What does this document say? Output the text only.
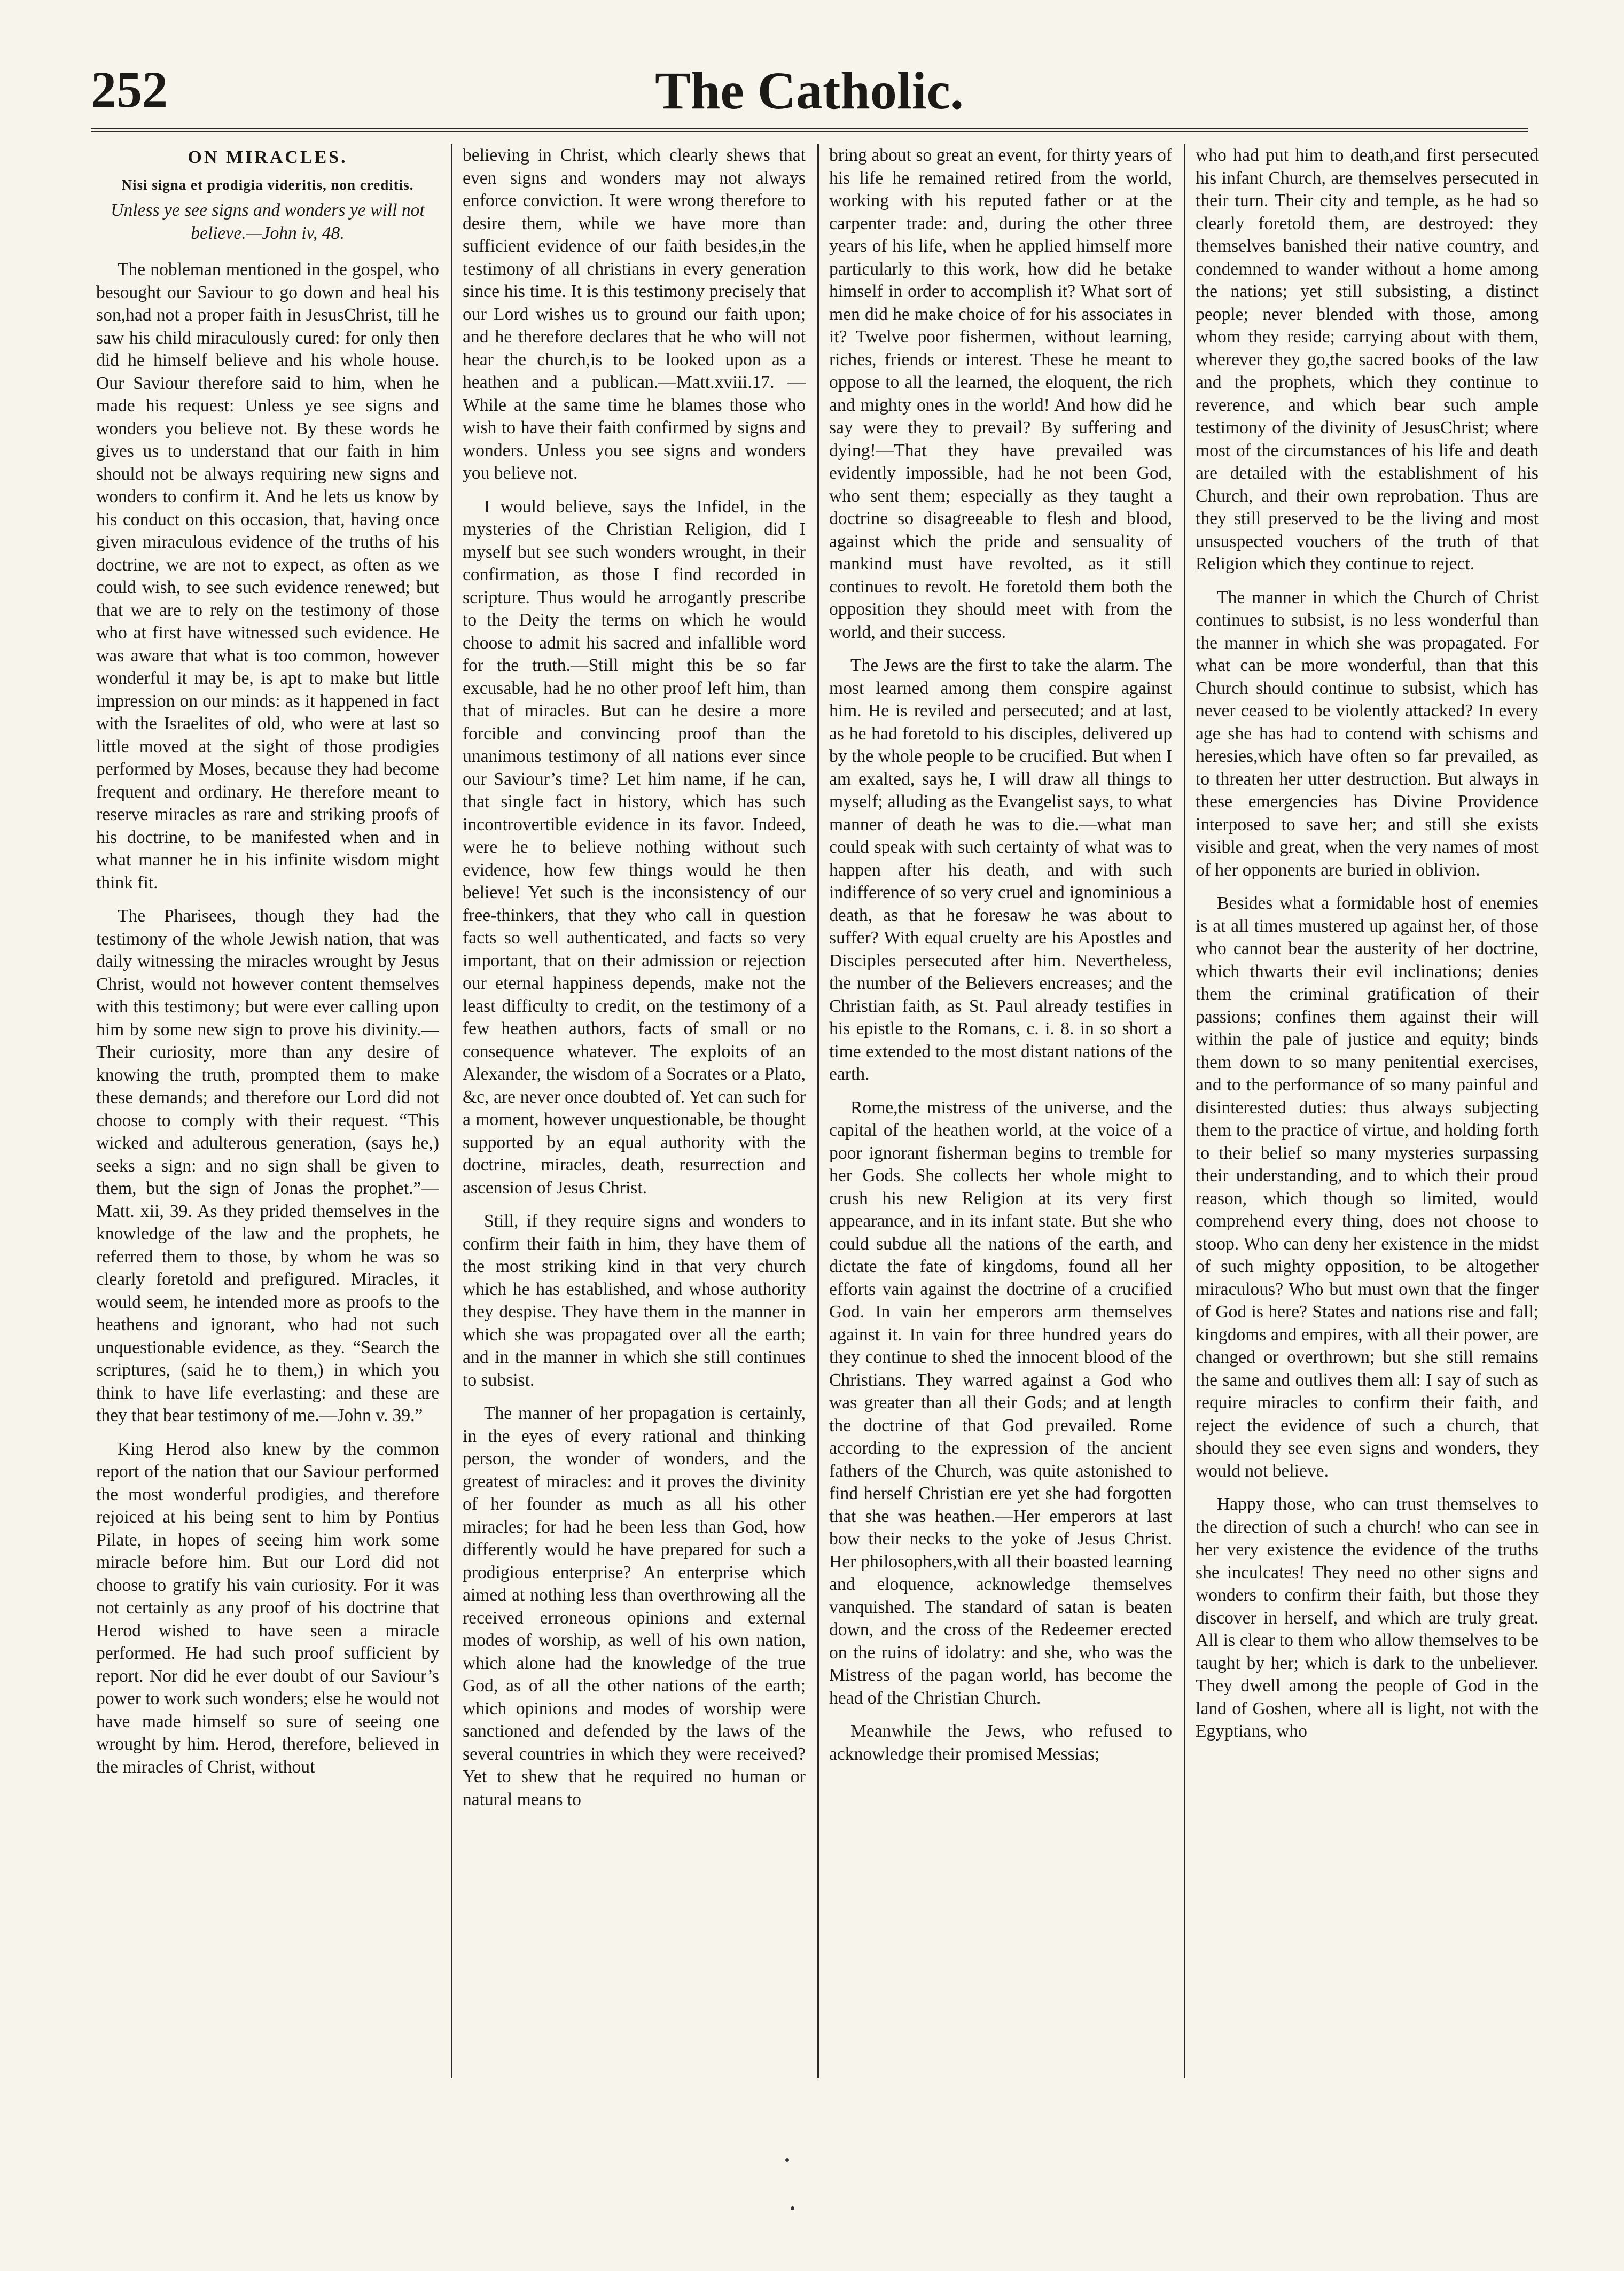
252	The Catholic.
ON MIRACLES.
Nisi signa et prodigia videritis, non creditis.
Unless ye see signs and wonders ye will not believe.—John iv, 48.

The nobleman mentioned in the gospel, who besought our Saviour to go down and heal his son,had not a proper faith in JesusChrist, till he saw his child miraculously cured: for only then did he himself believe and his whole house. Our Saviour therefore said to him, when he made his request: Unless ye see signs and wonders you believe not. By these words he gives us to understand that our faith in him should not be always requiring new signs and wonders to confirm it. And he lets us know by his conduct on this occasion, that, having once given miraculous evidence of the truths of his doctrine, we are not to expect, as often as we could wish, to see such evidence renewed; but that we are to rely on the testimony of those who at first have witnessed such evidence. He was aware that what is too common, however wonderful it may be, is apt to make but little impression on our minds: as it happened in fact with the Israelites of old, who were at last so little moved at the sight of those prodigies performed by Moses, because they had become frequent and ordinary. He therefore meant to reserve miracles as rare and striking proofs of his doctrine, to be manifested when and in what manner he in his infinite wisdom might think fit.

The Pharisees, though they had the testimony of the whole Jewish nation, that was daily witnessing the miracles wrought by Jesus Christ, would not however content themselves with this testimony; but were ever calling upon him by some new sign to prove his divinity.—Their curiosity, more than any desire of knowing the truth, prompted them to make these demands; and therefore our Lord did not choose to comply with their request. “This wicked and adulterous generation, (says he,) seeks a sign: and no sign shall be given to them, but the sign of Jonas the prophet.”—Matt. xii, 39. As they prided themselves in the knowledge of the law and the prophets, he referred them to those, by whom he was so clearly foretold and prefigured. Miracles, it would seem, he intended more as proofs to the heathens and ignorant, who had not such unquestionable evidence, as they. “Search the scriptures, (said he to them,) in which you think to have life everlasting: and these are they that bear testimony of me.—John v. 39.”

King Herod also knew by the common report of the nation that our Saviour performed the most wonderful prodigies, and therefore rejoiced at his being sent to him by Pontius Pilate, in hopes of seeing him work some miracle before him. But our Lord did not choose to gratify his vain curiosity. For it was not certainly as any proof of his doctrine that Herod wished to have seen a miracle performed. He had such proof sufficient by report. Nor did he ever doubt of our Saviour’s power to work such wonders; else he would not have made himself so sure of seeing one wrought by him. Herod, therefore, believed in the miracles of Christ, without

believing in Christ, which clearly shews that even signs and wonders may not always enforce conviction. It were wrong therefore to desire them, while we have more than sufficient evidence of our faith besides,in the testimony of all christians in every generation since his time. It is this testimony precisely that our Lord wishes us to ground our faith upon; and he therefore declares that he who will not hear the church,is to be looked upon as a heathen and a publican.—Matt.xviii.17. —While at the same time he blames those who wish to have their faith confirmed by signs and wonders. Unless you see signs and wonders you believe not.

I would believe, says the Infidel, in the mysteries of the Christian Religion, did I myself but see such wonders wrought, in their confirmation, as those I find recorded in scripture. Thus would he arrogantly prescribe to the Deity the terms on which he would choose to admit his sacred and infallible word for the truth.—Still might this be so far excusable, had he no other proof left him, than that of miracles. But can he desire a more forcible and convincing proof than the unanimous testimony of all nations ever since our Saviour’s time? Let him name, if he can, that single fact in history, which has such incontrovertible evidence in its favor. Indeed, were he to believe nothing without such evidence, how few things would he then believe! Yet such is the inconsistency of our free-thinkers, that they who call in question facts so well authenticated, and facts so very important, that on their admission or rejection our eternal happiness depends, make not the least difficulty to credit, on the testimony of a few heathen authors, facts of small or no consequence whatever. The exploits of an Alexander, the wisdom of a Socrates or a Plato, &c, are never once doubted of. Yet can such for a moment, however unquestionable, be thought supported by an equal authority with the doctrine, miracles, death, resurrection and ascension of Jesus Christ.

Still, if they require signs and wonders to confirm their faith in him, they have them of the most striking kind in that very church which he has established, and whose authority they despise. They have them in the manner in which she was propagated over all the earth; and in the manner in which she still continues to subsist.

The manner of her propagation is certainly, in the eyes of every rational and thinking person, the wonder of wonders, and the greatest of miracles: and it proves the divinity of her founder as much as all his other miracles; for had he been less than God, how differently would he have prepared for such a prodigious enterprise? An enterprise which aimed at nothing less than overthrowing all the received erroneous opinions and external modes of worship, as well of his own nation, which alone had the knowledge of the true God, as of all the other nations of the earth; which opinions and modes of worship were sanctioned and defended by the laws of the several countries in which they were received? Yet to shew that he required no human or natural means to

bring about so great an event, for thirty years of his life he remained retired from the world, working with his reputed father or at the carpenter trade: and, during the other three years of his life, when he applied himself more particularly to this work, how did he betake himself in order to accomplish it? What sort of men did he make choice of for his associates in it? Twelve poor fishermen, without learning, riches, friends or interest. These he meant to oppose to all the learned, the eloquent, the rich and mighty ones in the world! And how did he say were they to prevail? By suffering and dying!—That they have prevailed was evidently impossible, had he not been God, who sent them; especially as they taught a doctrine so disagreeable to flesh and blood, against which the pride and sensuality of mankind must have revolted, as it still continues to revolt. He foretold them both the opposition they should meet with from the world, and their success.

The Jews are the first to take the alarm. The most learned among them conspire against him. He is reviled and persecuted; and at last, as he had foretold to his disciples, delivered up by the whole people to be crucified. But when I am exalted, says he, I will draw all things to myself; alluding as the Evangelist says, to what manner of death he was to die.—what man could speak with such certainty of what was to happen after his death, and with such indifference of so very cruel and ignominious a death, as that he foresaw he was about to suffer? With equal cruelty are his Apostles and Disciples persecuted after him. Nevertheless, the number of the Believers encreases; and the Christian faith, as St. Paul already testifies in his epistle to the Romans, c. i. 8. in so short a time extended to the most distant nations of the earth.

Rome,the mistress of the universe, and the capital of the heathen world, at the voice of a poor ignorant fisherman begins to tremble for her Gods. She collects her whole might to crush his new Religion at its very first appearance, and in its infant state. But she who could subdue all the nations of the earth, and dictate the fate of kingdoms, found all her efforts vain against the doctrine of a crucified God. In vain her emperors arm themselves against it. In vain for three hundred years do they continue to shed the innocent blood of the Christians. They warred against a God who was greater than all their Gods; and at length the doctrine of that God prevailed. Rome according to the expression of the ancient fathers of the Church, was quite astonished to find herself Christian ere yet she had forgotten that she was heathen.—Her emperors at last bow their necks to the yoke of Jesus Christ. Her philosophers,with all their boasted learning and eloquence, acknowledge themselves vanquished. The standard of satan is beaten down, and the cross of the Redeemer erected on the ruins of idolatry: and she, who was the Mistress of the pagan world, has become the head of the Christian Church.

Meanwhile the Jews, who refused to acknowledge their promised Messias;

who had put him to death,and first persecuted his infant Church, are themselves persecuted in their turn. Their city and temple, as he had so clearly foretold them, are destroyed: they themselves banished their native country, and condemned to wander without a home among the nations; yet still subsisting, a distinct people; never blended with those, among whom they reside; carrying about with them, wherever they go,the sacred books of the law and the prophets, which they continue to reverence, and which bear such ample testimony of the divinity of JesusChrist; where most of the circumstances of his life and death are detailed with the establishment of his Church, and their own reprobation. Thus are they still preserved to be the living and most unsuspected vouchers of the truth of that Religion which they continue to reject.

The manner in which the Church of Christ continues to subsist, is no less wonderful than the manner in which she was propagated. For what can be more wonderful, than that this Church should continue to subsist, which has never ceased to be violently attacked? In every age she has had to contend with schisms and heresies,which have often so far prevailed, as to threaten her utter destruction. But always in these emergencies has Divine Providence interposed to save her; and still she exists visible and great, when the very names of most of her opponents are buried in oblivion.

Besides what a formidable host of enemies is at all times mustered up against her, of those who cannot bear the austerity of her doctrine, which thwarts their evil inclinations; denies them the criminal gratification of their passions; confines them against their will within the pale of justice and equity; binds them down to so many penitential exercises, and to the performance of so many painful and disinterested duties: thus always subjecting them to the practice of virtue, and holding forth to their belief so many mysteries surpassing their understanding, and to which their proud reason, which though so limited, would comprehend every thing, does not choose to stoop. Who can deny her existence in the midst of such mighty opposition, to be altogether miraculous? Who but must own that the finger of God is here? States and nations rise and fall; kingdoms and empires, with all their power, are changed or overthrown; but she still remains the same and outlives them all: I say of such as require miracles to confirm their faith, and reject the evidence of such a church, that should they see even signs and wonders, they would not believe.

Happy those, who can trust themselves to the direction of such a church! who can see in her very existence the evidence of the truths she inculcates! They need no other signs and wonders to confirm their faith, but those they discover in herself, and which are truly great. All is clear to them who allow themselves to be taught by her; which is dark to the unbeliever. They dwell among the people of God in the land of Goshen, where all is light, not with the Egyptians, who
